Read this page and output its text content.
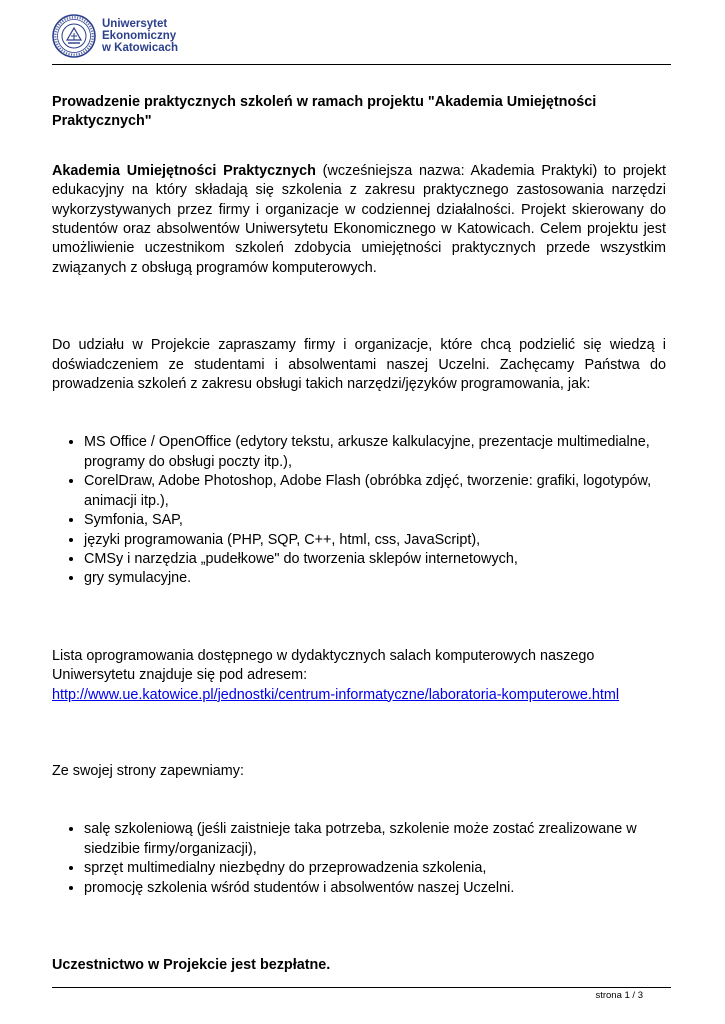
Uniwersytet
Ekonomiczny
w Katowicach

Prowadzenie praktycznych szkoleń w ramach projektu "Akademia Umiejętności Praktycznych"

Akademia Umiejętności Praktycznych (wcześniejsza nazwa: Akademia Praktyki) to projekt edukacyjny na który składają się szkolenia z zakresu praktycznego zastosowania narzędzi wykorzystywanych przez firmy i organizacje w codziennej działalności. Projekt skierowany do studentów oraz absolwentów Uniwersytetu Ekonomicznego w Katowicach. Celem projektu jest umożliwienie uczestnikom szkoleń zdobycia umiejętności praktycznych przede wszystkim związanych z obsługą programów komputerowych.

Do udziału w Projekcie zapraszamy firmy i organizacje, które chcą podzielić się wiedzą i doświadczeniem ze studentami i absolwentami naszej Uczelni. Zachęcamy Państwa do prowadzenia szkoleń z zakresu obsługi takich narzędzi/języków programowania, jak:

• MS Office / OpenOffice (edytory tekstu, arkusze kalkulacyjne, prezentacje multimedialne, programy do obsługi poczty itp.),
• CorelDraw, Adobe Photoshop, Adobe Flash (obróbka zdjęć, tworzenie: grafiki, logotypów, animacji itp.),
• Symfonia, SAP,
• języki programowania (PHP, SQP, C++, html, css, JavaScript),
• CMSy i narzędzia „pudełkowe" do tworzenia sklepów internetowych,
• gry symulacyjne.

Lista oprogramowania dostępnego w dydaktycznych salach komputerowych naszego Uniwersytetu znajduje się pod adresem:
http://www.ue.katowice.pl/jednostki/centrum-informatyczne/laboratoria-komputerowe.html

Ze swojej strony zapewniamy:

• salę szkoleniową (jeśli zaistnieje taka potrzeba, szkolenie może zostać zrealizowane w siedzibie firmy/organizacji),
• sprzęt multimedialny niezbędny do przeprowadzenia szkolenia,
• promocję szkolenia wśród studentów i absolwentów naszej Uczelni.

Uczestnictwo w Projekcie jest bezpłatne.

strona 1 / 3
